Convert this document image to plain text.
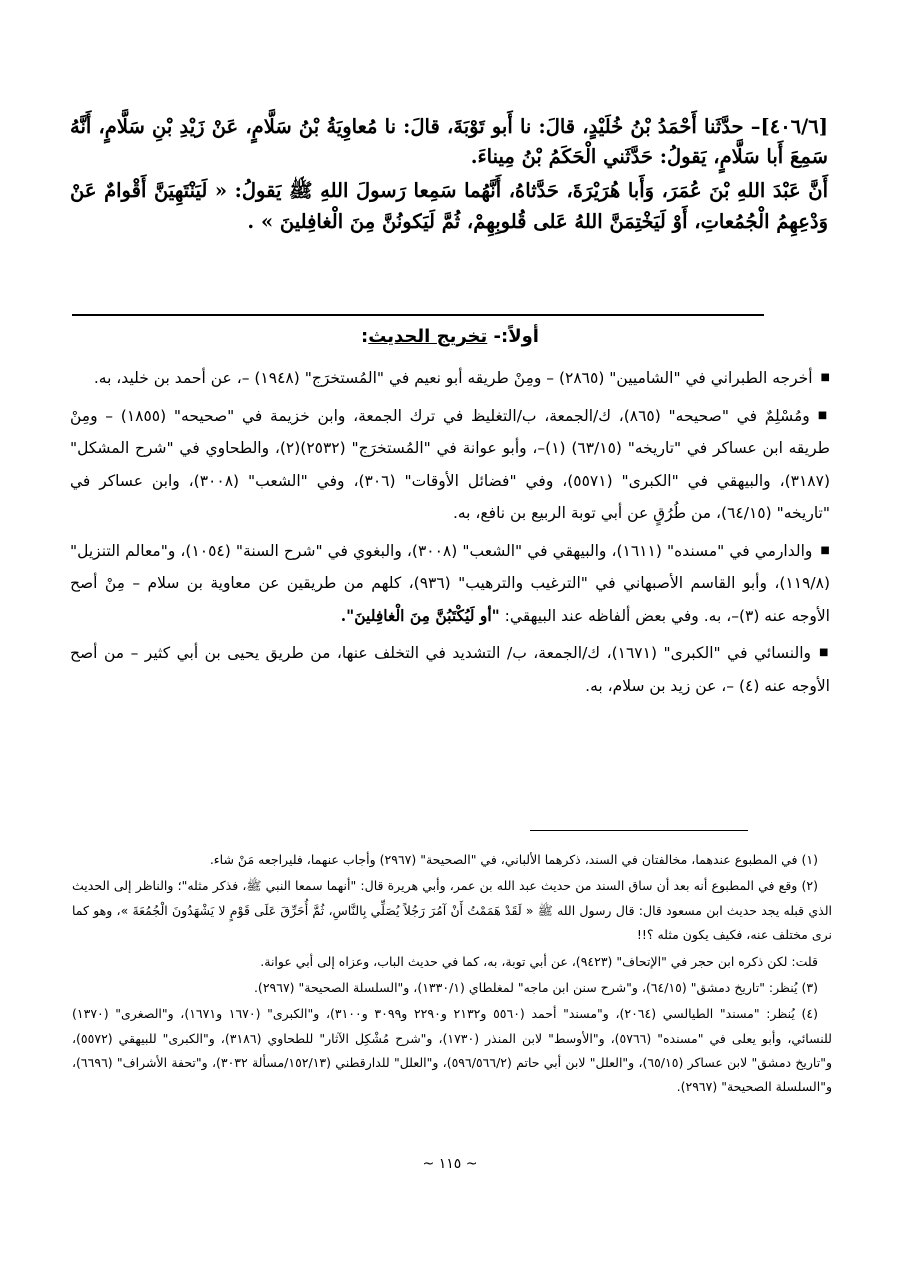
[٤٠٦/٦]– حدَّثَنا أَحْمَدُ بْنُ خُلَيْدٍ، قالَ: نا أَبو تَوْبَةَ، قالَ: نا مُعاوِيَةُ بْنُ سَلَّامٍ، عَنْ زَيْدِ بْنِ سَلَّامٍ، أَنَّهُ سَمِعَ أَبا سَلَّامٍ، يَقولُ: حَدَّثَني الْحَكَمُ بْنُ مِيناءَ.

أَنَّ عَبْدَ اللهِ بْنَ عُمَرَ، وَأَبا هُرَيْرَةَ، حَدَّثاهُ، أَنَّهُما سَمِعا رَسولَ اللهِ ﷺ يَقولُ: « لَيَنْتَهِيَنَّ أَقْوامٌ عَنْ وَدْعِهِمُ الْجُمُعاتِ، أَوْ لَيَخْتِمَنَّ اللهُ عَلى قُلوبِهِمْ، ثُمَّ لَيَكونُنَّ مِنَ الْغافِلينَ » .

أولاً:- تخريج الحديث:

■أخرجه الطبراني في "الشاميين" (٢٨٦٥) – ومِنْ طريقه أبو نعيم في "المُستخرَج" (١٩٤٨) –، عن أحمد بن خليد، به.

■ومُسْلِمٌ في "صحيحه" (٨٦٥)، ك/الجمعة، ب/التغليظ في ترك الجمعة، وابن خزيمة في "صحيحه" (١٨٥٥) – ومِنْ طريقه ابن عساكر في "تاريخه" (٦٣/١٥) (١)–، وأبو عوانة في "المُستخرَج" (٢٥٣٢)(٢)، والطحاوي في "شرح المشكل" (٣١٨٧)، والبيهقي في "الكبرى" (٥٥٧١)، وفي "فضائل الأوقات" (٣٠٦)، وفي "الشعب" (٣٠٠٨)، وابن عساكر في "تاريخه" (٦٤/١٥)، من طُرُقٍ عن أبي توبة الربيع بن نافع، به.

■والدارمي في "مسنده" (١٦١١)، والبيهقي في "الشعب" (٣٠٠٨)، والبغوي في "شرح السنة" (١٠٥٤)، و"معالم التنزيل" (١١٩/٨)، وأبو القاسم الأصبهاني في "الترغيب والترهيب" (٩٣٦)، كلهم من طريقين عن معاوية بن سلام – مِنْ أصح الأوجه عنه (٣)–، به. وفي بعض ألفاظه عند البيهقي: "أو لَيُكْتَبُنَّ مِنَ الْغافِلينَ".

■والنسائي في "الكبرى" (١٦٧١)، ك/الجمعة، ب/ التشديد في التخلف عنها، من طريق يحيى بن أبي كثير – من أصح الأوجه عنه (٤) –، عن زيد بن سلام، به.

(١) في المطبوع عندهما، مخالفتان في السند، ذكرهما الألباني، في "الصحيحة" (٢٩٦٧) وأجاب عنهما، فليراجعه مَنْ شاء.

(٢) وقع في المطبوع أنه بعد أن ساق السند من حديث عبد الله بن عمر، وأبي هريرة قال: "أنهما سمعا النبي ﷺ، فذكر مثله"؛ والناظر إلى الحديث الذي قبله يجد حديث ابن مسعود قال: قال رسول الله ﷺ « لَقَدْ هَمَمْتُ أَنْ آمُرَ رَجُلاً يُصَلِّي بِالنَّاسِ، ثُمَّ أُحَرِّقَ عَلَى قَوْمٍ لا يَشْهَدُونَ الْجُمُعَةَ »، وهو كما نرى مختلف عنه، فكيف يكون مثله ؟!!

قلت: لكن ذكره ابن حجر في "الإتحاف" (٩٤٢٣)، عن أبي توبة، به، كما في حديث الباب، وعزاه إلى أبي عوانة.

(٣) يُنظر: "تاريخ دمشق" (٦٤/١٥)، و"شرح سنن ابن ماجه" لمغلطاي (١٣٣٠/١)، و"السلسلة الصحيحة" (٢٩٦٧).

(٤) يُنظر: "مسند" الطيالسي (٢٠٦٤)، و"مسند" أحمد (٥٥٦٠ و٢١٣٢ و٢٢٩٠ و٣٠٩٩ و٣١٠٠)، و"الكبرى" (١٦٧٠ و١٦٧١)، و"الصغرى" (١٣٧٠) للنسائي، وأبو يعلى في "مسنده" (٥٧٦٦)، و"الأوسط" لابن المنذر (١٧٣٠)، و"شرح مُشْكِل الآثار" للطحاوي (٣١٨٦)، و"الكبرى" للبيهقي (٥٥٧٢)، و"تاريخ دمشق" لابن عساكر (٦٥/١٥)، و"العلل" لابن أبي حاتم (٥٩٦/٥٦٦/٢)، و"العلل" للدارقطني (١٥٢/١٣/مسألة ٣٠٣٢)، و"تحفة الأشراف" (٦٦٩٦)، و"السلسلة الصحيحة" (٢٩٦٧).

~ ١١٥ ~
